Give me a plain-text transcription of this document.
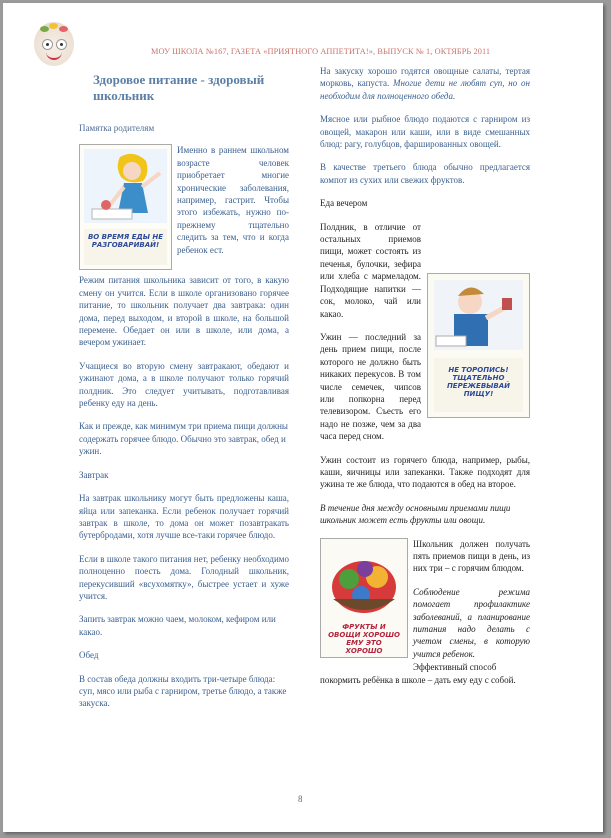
МОУ ШКОЛА №167, ГАЗЕТА «ПРИЯТНОГО АППЕТИТА!», ВЫПУСК № 1, ОКТЯБРЬ 2011
Здоровое питание - здоровый школьник
Памятка родителям
ВО ВРЕМЯ ЕДЫ НЕ РАЗГОВАРИВАЙ!

Именно в раннем школьном возрасте человек приобретает многие хронические заболевания, например, гастрит. Чтобы этого избежать, нужно по-прежнему тщательно следить за тем, что и когда ребенок ест.

Режим питания школьника зависит от того, в какую смену он учится. Если в школе организовано горячее питание, то школьник получает два завтрака: один дома, перед выходом, и второй в школе, на большой перемене. Обедает он или в школе, или дома, а вечером ужинает.

Учащиеся во вторую смену завтракают, обедают и ужинают дома, а в школе получают только горячий полдник. Это следует учитывать, подготавливая ребенку еду на день.

Как и прежде, как минимум три приема пищи должны содержать горячее блюдо. Обычно это завтрак, обед и ужин.

Завтрак

На завтрак школьнику могут быть предложены каша, яйца или запеканка. Если ребенок получает горячий завтрак в школе, то дома он может позавтракать бутербродами, хотя лучше все-таки горячее блюдо.

Если в школе такого питания нет, ребенку необходимо полноценно поесть дома. Голодный школьник, перекусивший «всухомятку», быстрее устает и хуже учится.

Запить завтрак можно чаем, молоком, кефиром или какао.

Обед

В состав обеда должны входить три-четыре блюда: суп, мясо или рыба с гарниром, третье блюдо, а также закуска.

На закуску хорошо годятся овощные салаты, тертая морковь, капуста. Многие дети не любят суп, но он необходим для полноценного обеда.

Мясное или рыбное блюдо подаются с гарниром из овощей, макарон или каши, или в виде смешанных блюд: рагу, голубцов, фаршированных овощей.

В качестве третьего блюда обычно предлагается компот из сухих или свежих фруктов.

Еда вечером

НЕ ТОРОПИСЬ! ТЩАТЕЛЬНО ПЕРЕЖЕВЫВАЙ ПИЩУ!

Полдник, в отличие от остальных приемов пищи, может состоять из печенья, булочки, зефира или хлеба с мармеладом. Подходящие напитки — сок, молоко, чай или какао.

Ужин — последний за день прием пищи, после которого не должно быть никаких перекусов. В том числе семечек, чипсов или попкорна перед телевизором. Съесть его надо не позже, чем за два часа перед сном.

Ужин состоит из горячего блюда, например, рыбы, каши, яичницы или запеканки. Также подходят для ужина те же блюда, что подаются в обед на второе.

В течение дня между основными приемами пищи школьник может есть фрукты или овощи.

ФРУКТЫ И ОВОЩИ ХОРОШО ЕМУ ЭТО ХОРОШО

Школьник должен получать пять приемов пищи в день, из них три – с горячим блюдом.

Соблюдение режима помогает профилактике заболеваний, а планирование питания надо делать с учетом смены, в которую учится ребенок.

Эффективный способ покормить ребёнка в школе – дать ему еду с собой.

8
